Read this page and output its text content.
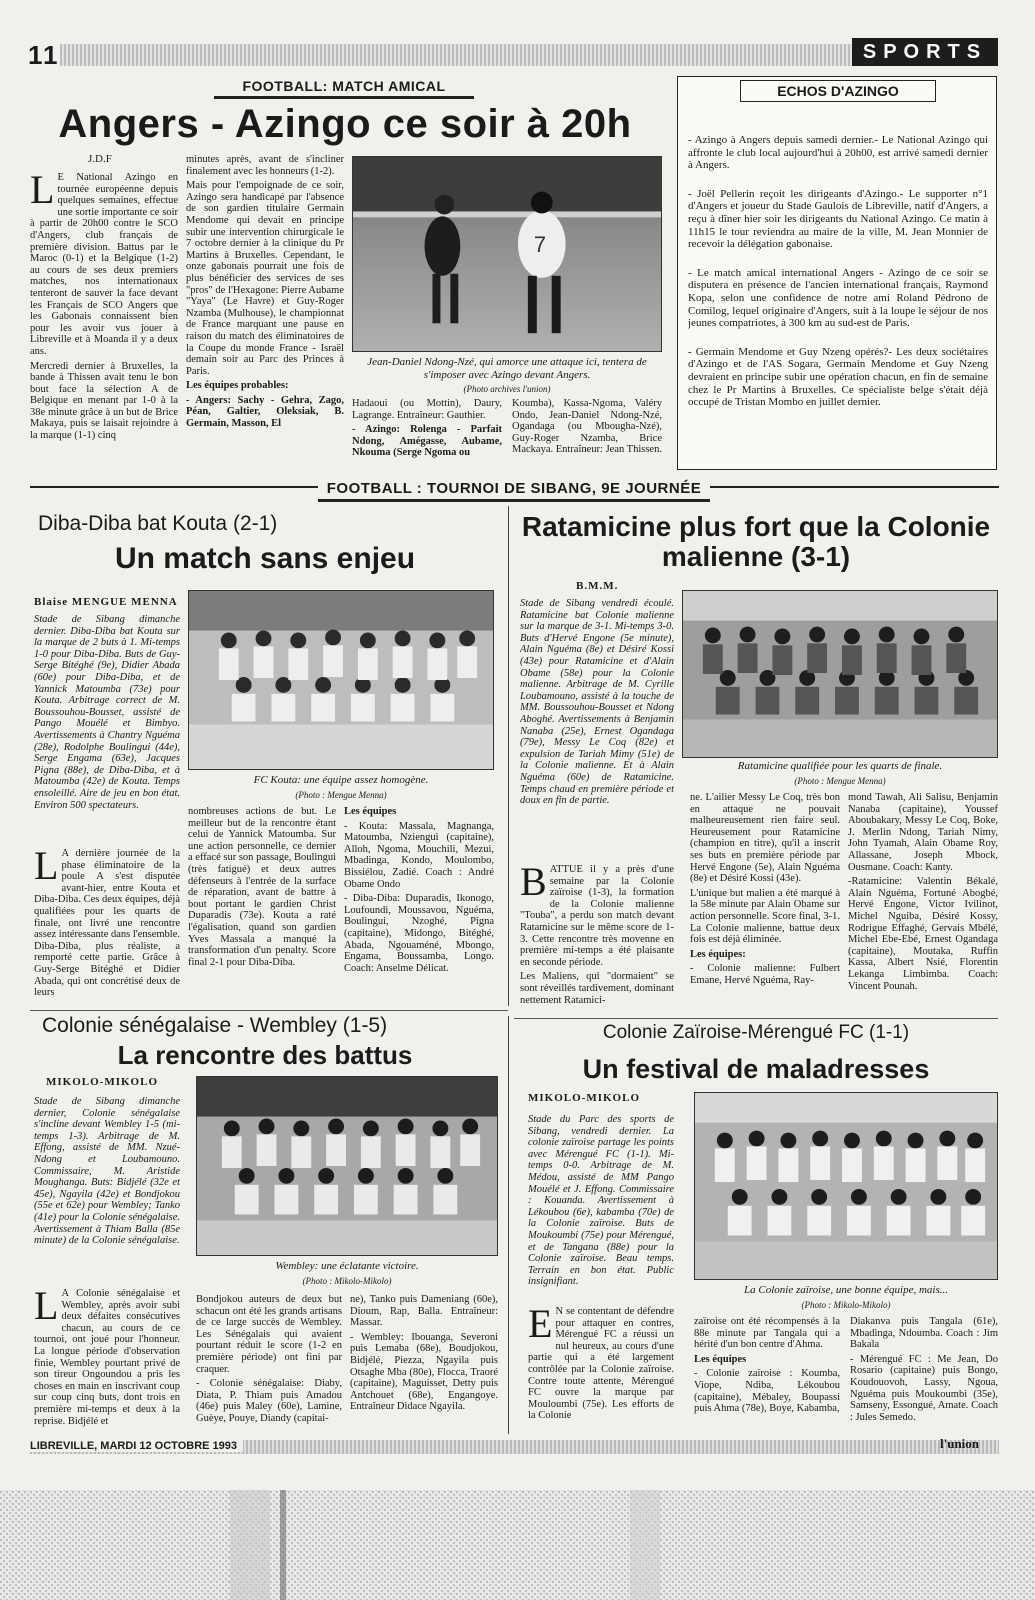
11	SPORTS
FOOTBALL: MATCH AMICAL
Angers - Azingo ce soir à 20h
J.D.F

L E National Azingo en tournée européenne depuis quelques semaines, effectue une sortie importante ce soir à partir de 20h00 contre le SCO d'Angers, club français de première division. Battus par le Maroc (0-1) et la Belgique (1-2) au cours de ses deux premiers matches, nos internationaux tenteront de sauver la face devant les Français de SCO Angers que les Gabonais connaissent bien pour les avoir vus jouer à Libreville et à Moanda il y a deux ans.

Mercredi dernier à Bruxelles, la bande à Thissen avait tenu le bon bout face la sélection A de Belgique en menant par 1-0 à la 38e minute grâce à un but de Brice Makaya, puis se laisait rejoindre à la marque (1-1) cinq

minutes après, avant de s'incliner finalement avec les honneurs (1-2).

Mais pour l'empoignade de ce soir, Azingo sera handicapé par l'absence de son gardien titulaire Germain Mendome qui devait en principe subir une intervention chirurgicale le 7 octobre dernier à la clinique du Pr Martins à Bruxelles. Cependant, le onze gabonais pourrait une fois de plus bénéficier des services de ses "pros" de l'Hexagone: Pierre Aubame "Yaya" (Le Havre) et Guy-Roger Nzamba (Mulhouse), le championnat de France marquant une pause en raison du match des éliminatoires de la Coupe du monde France - Israël demain soir au Parc des Princes à Paris.

Les équipes probables:

- Angers: Sachy - Gehra, Zago, Péan, Galtier, Oleksiak, B. Germain, Masson, El

7
Jean-Daniel Ndong-Nzé, qui amorce une attaque ici, tentera de s'imposer avec Azingo devant Angers.
(Photo archives l'union)

Hadaoui (ou Mottin), Daury, Lagrange. Entraîneur: Gauthier.

- Azingo: Rolenga - Parfait Ndong, Amégasse, Aubame, Nkouma (Serge Ngoma ou

Koumba), Kassa-Ngoma, Valéry Ondo, Jean-Daniel Ndong-Nzé, Ogandaga (ou Mbougha-Nzé), Guy-Roger Nzamba, Brice Mackaya. Entraîneur: Jean Thissen.

ECHOS D'AZINGO

- Azingo à Angers depuis samedi dernier.- Le National Azingo qui affronte le club local aujourd'hui à 20h00, est arrivé samedi dernier à Angers.

- Joël Pellerin reçoit les dirigeants d'Azingo.- Le supporter n°1 d'Angers et joueur du Stade Gaulois de Libreville, natif d'Angers, a reçu à dîner hier soir les dirigeants du National Azingo. Ce matin à 11h15 le tour reviendra au maire de la ville, M. Jean Monnier de recevoir la délégation gabonaise.

- Le match amical international Angers - Azingo de ce soir se disputera en présence de l'ancien international français, Raymond Kopa, selon une confidence de notre ami Roland Pédrono de Comilog, lequel originaire d'Angers, suit à la loupe le séjour de nos jeunes compatriotes, à 300 km au sud-est de Paris.

- Germain Mendome et Guy Nzeng opérés?- Les deux sociétaires d'Azingo et de l'AS Sogara, Germain Mendome et Guy Nzeng devraient en principe subir une opération chacun, en fin de semaine chez le Pr Martins à Bruxelles. Ce spécialiste belge s'était déjà occupé de Tristan Mombo en juillet dernier.

FOOTBALL : TOURNOI DE SIBANG, 9E JOURNÉE
Diba-Diba bat Kouta (2-1)
Un match sans enjeu
Blaise MENGUE MENNA
Stade de Sibang dimanche dernier. Diba-Diba bat Kouta sur la marque de 2 buts à 1. Mi-temps 1-0 pour Diba-Diba. Buts de Guy-Serge Bitéghé (9e), Didier Abada (60e) pour Diba-Diba, et de Yannick Matoumba (73e) pour Kouta. Arbitrage correct de M. Boussouhou-Bousset, assisté de Pango Mouélé et Bimbyo. Avertissements à Chantry Nguéma (28e), Rodolphe Boulingui (44e), Serge Engama (63e), Jacques Pigna (88e), de Diba-Diba, et à Matoumba (42e) de Kouta. Temps ensoleillé. Aire de jeu en bon état. Environ 500 spectateurs.

L A dernière journée de la phase éliminatoire de la poule A s'est disputée avant-hier, entre Kouta et Diba-Diba. Ces deux équipes, déjà qualifiées pour les quarts de finale, ont livré une rencontre assez intéressante dans l'ensemble. Diba-Diba, plus réaliste, a remporté cette partie. Grâce à Guy-Serge Bitéghé et Didier Abada, qui ont concrétisé deux de leurs

FC Kouta: une équipe assez homogène.
(Photo : Mengue Menna)
nombreuses actions de but. Le meilleur but de la rencontre étant celui de Yannick Matoumba. Sur une action personnelle, ce dernier a effacé sur son passage, Boulingui (très fatigué) et deux autres défenseurs à l'entrée de la surface de réparation, avant de battre à bout portant le gardien Christ Duparadis (73e). Kouta a raté l'égalisation, quand son gardien Yves Massala a manqué la transformation d'un penalty. Score final 2-1 pour Diba-Diba.

Les équipes

- Kouta: Massala, Magnanga, Matoumba, Nziengui (capitaine), Alloh, Ngoma, Mouchili, Mezui, Mbadinga, Kondo, Moulombo, Bissiélou, Zadié. Coach : André Obame Ondo

- Diba-Diba: Duparadis, Ikonogo, Loufoundi, Moussavou, Nguéma, Boulingui, Nzoghé, Pigna (capitaine), Midongo, Bitéghé, Abada, Ngouaméné, Mbongo, Engama, Boussamba, Longo. Coach: Anselme Délicat.

Ratamicine plus fort que la Colonie malienne (3-1)
B.M.M.
Stade de Sibang vendredi écoulé. Ratamicine bat Colonie malienne sur la marque de 3-1. Mi-temps 3-0. Buts d'Hervé Engone (5e minute), Alain Nguéma (8e) et Désiré Kossi (43e) pour Ratamicine et d'Alain Obame (58e) pour la Colonie malienne. Arbitrage de M. Cyrille Loubamouno, assisté à la touche de MM. Boussouhou-Bousset et Ndong Aboghé. Avertissements à Benjamin Nanaba (25e), Ernest Ogandaga (79e), Messy Le Coq (82e) et expulsion de Tariah Mimy (51e) de la Colonie malienne. Et à Alain Nguéma (60e) de Ratamicine. Temps chaud en première période et doux en fin de partie.

BATTUE il y a près d'une semaine par la Colonie zaïroise (1-3), la formation de la Colonie malienne "Touba", a perdu son match devant Ratamicine sur le même score de 1-3. Cette rencontre très movenne en première mi-temps a été plaisante en seconde période.

Les Maliens, qui "dormaient" se sont réveillés tardivement, dominant nettement Ratamici-

Ratamicine qualifiée pour les quarts de finale.
(Photo : Mengue Menna)

ne. L'ailier Messy Le Coq, très bon en attaque ne pouvait malheureusement rien faire seul. Heureusement pour Ratamicine (champion en titre), qu'il a inscrit ses buts en première période par Hervé Engone (5e), Alain Nguéma (8e) et Désiré Kossi (43e).

L'unique but malien a été marqué à la 58e minute par Alain Obame sur action personnelle. Score final, 3-1. La Colonie malienne, battue deux fois est déjà éliminée.

Les équipes:

- Colonie malienne: Fulbert Emane, Hervé Nguéma, Ray-

mond Tawah, Ali Salisu, Benjamin Nanaba (capitaine), Youssef Aboubakary, Messy Le Coq, Boke, J. Merlin Ndong, Tariah Nimy, John Tyamah, Alain Obame Roy, Allassane, Joseph Mbock, Ousmane. Coach: Kanty.

-Ratamicine: Valentin Békalé, Alain Nguéma, Fortuné Abogbé, Hervé Engone, Victor Ivilinot, Michel Nguiba, Désiré Kossy, Rodrigue Effaghé, Gervais Mbélé, Michel Ebe-Ebé, Ernest Ogandaga (capitaine), Moutaka, Ruffin Kassa, Albert Nsié, Florentin Lekanga Limbimba. Coach: Vincent Pounah.

Colonie sénégalaise - Wembley (1-5)
La rencontre des battus
MIKOLO-MIKOLO
Stade de Sibang dimanche dernier, Colonie sénégalaise s'incline devant Wembley 1-5 (mi-temps 1-3). Arbitrage de M. Effong, assisté de MM. Nzué-Ndong et Loubamouno. Commissaire, M. Aristide Moughanga. Buts: Bidjélé (32e et 45e), Ngayila (42e) et Bondjokou (55e et 62e) pour Wembley; Tanko (41e) pour la Colonie sénégalaise. Avertissement à Thiam Balla (85e minute) de la Colonie sénégalaise.

L A Colonie sénégalaise et Wembley, après avoir subi deux défaites consécutives chacun, au cours de ce tournoi, ont joué pour l'honneur. La longue période d'observation finie, Wembley pourtant privé de son tireur Ongoundou a pris les choses en main en inscrivant coup sur coup cinq buts, dont trois en première mi-temps et deux à la reprise. Bidjélé et

Wembley: une éclatante victoire.
(Photo : Mikolo-Mikolo)

Bondjokou auteurs de deux but schacun ont été les grands artisans de ce large succès de Wembley. Les Sénégalais qui avaient pourtant réduit le score (1-2 en première période) ont fini par craquer.

- Colonie sénégalaise: Diaby, Diata, P. Thiam puis Amadou (46e) puis Maley (60e), Lamine, Guèye, Pouye, Diandy (capitai-

ne), Tanko puis Dameniang (60e), Dioum, Rap, Balla. Entraîneur: Massar.

- Wembley: Ibouanga, Severoni puis Lemaba (68e), Boudjokou, Bidjélé, Piezza, Ngayila puis Otsaghe Mba (80e), Flocca, Traoré (capitaine), Maguisset, Detty puis Antchouet (68e), Engangoye. Entraîneur Didace Ngayila.

Colonie Zaïroise-Mérengué FC (1-1)
Un festival de maladresses
MIKOLO-MIKOLO
Stade du Parc des sports de Sibang, vendredi dernier. La colonie zaïroise partage les points avec Mérengué FC (1-1). Mi-temps 0-0. Arbitrage de M. Médou, assisté de MM Pango Mouélé et J. Effong. Commissaire : Kouanda. Avertissement à Lékoubou (6e), kabamba (70e) de la Colonie zaïroise. Buts de Moukoumbi (75e) pour Mérengué, et de Tangana (88e) pour la Colonie zaïroise. Beau temps. Terrain en bon état. Public insignifiant.

E N se contentant de défendre pour attaquer en contres, Mérengué FC a réussi un nul heureux, au cours d'une partie qui a été largement contrôlée par la Colonie zaïroise. Contre toute attente, Mérengué FC ouvre la marque par Mouloumbi (75e). Les efforts de la Colonie

La Colonie zaïroise, une bonne équipe, mais...
(Photo : Mikolo-Mikolo)

zaïroise ont été récompensés à la 88e minute par Tangala qui a hérité d'un bon centre d'Ahma.

Les équipes

- Colonie zaïroise : Koumba, Viope, Ndiba, Lékoubou (capitaine), Mébaley, Boupassi puis Ahma (78e), Boye, Kabamba,

Diakanva puis Tangala (61e), Mbadinga, Ndoumba. Coach : Jim Bakala

- Mérengué FC : Me Jean, Do Rosario (capitaine) puis Bongo, Koudouovoh, Lassy, Ngoua, Nguéma puis Moukoumbi (35e), Samseny, Essongué, Amate. Coach : Jules Semedo.

LIBREVILLE, MARDI 12 OCTOBRE 1993	l'union
